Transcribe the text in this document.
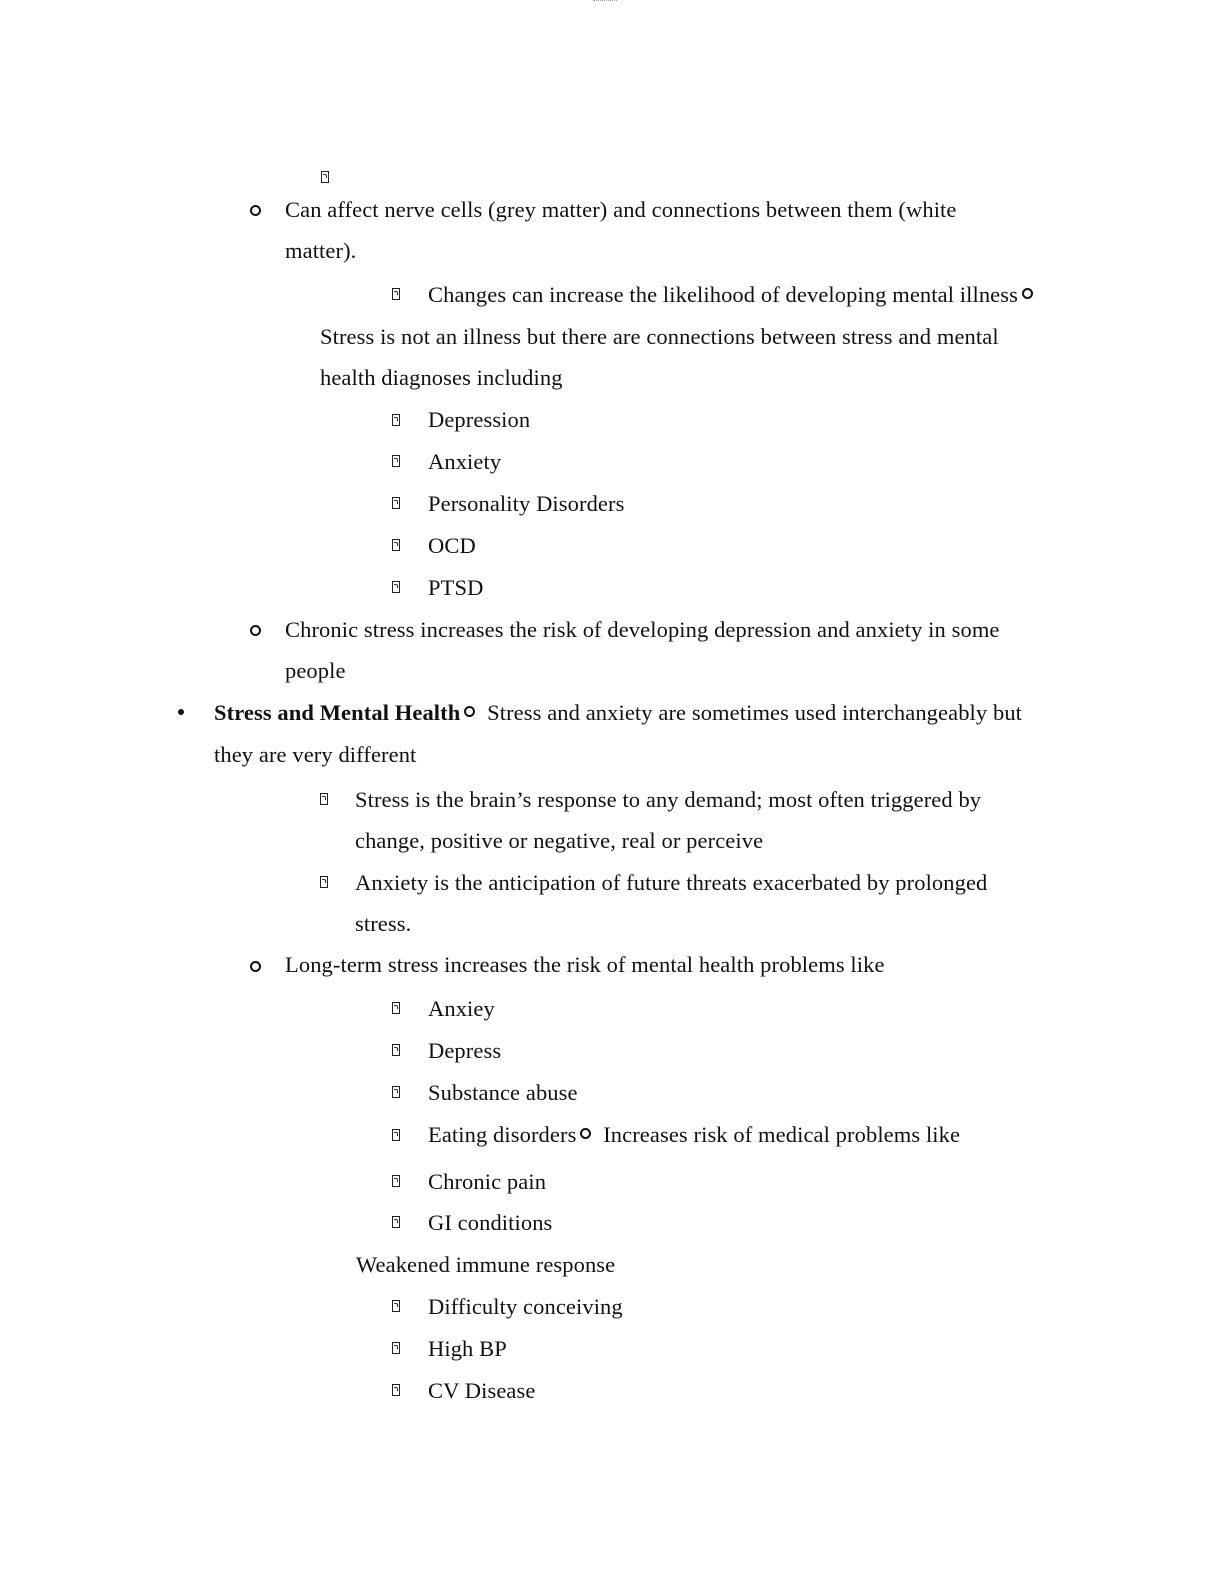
Can affect nerve cells (grey matter) and connections between them (white
matter).
Changes can increase the likelihood of developing mental illness
Stress is not an illness but there are connections between stress and mental
health diagnoses including
Depression
Anxiety
Personality Disorders
OCD
PTSD
Chronic stress increases the risk of developing depression and anxiety in some
people
Stress and Mental Health Stress and anxiety are sometimes used interchangeably but
they are very different
Stress is the brain’s response to any demand; most often triggered by
change, positive or negative, real or perceive
Anxiety is the anticipation of future threats exacerbated by prolonged
stress.
Long-term stress increases the risk of mental health problems like
Anxiey
Depress
Substance abuse
Eating disorders Increases risk of medical problems like
Chronic pain
GI conditions
Weakened immune response
Difficulty conceiving
High BP
CV Disease
